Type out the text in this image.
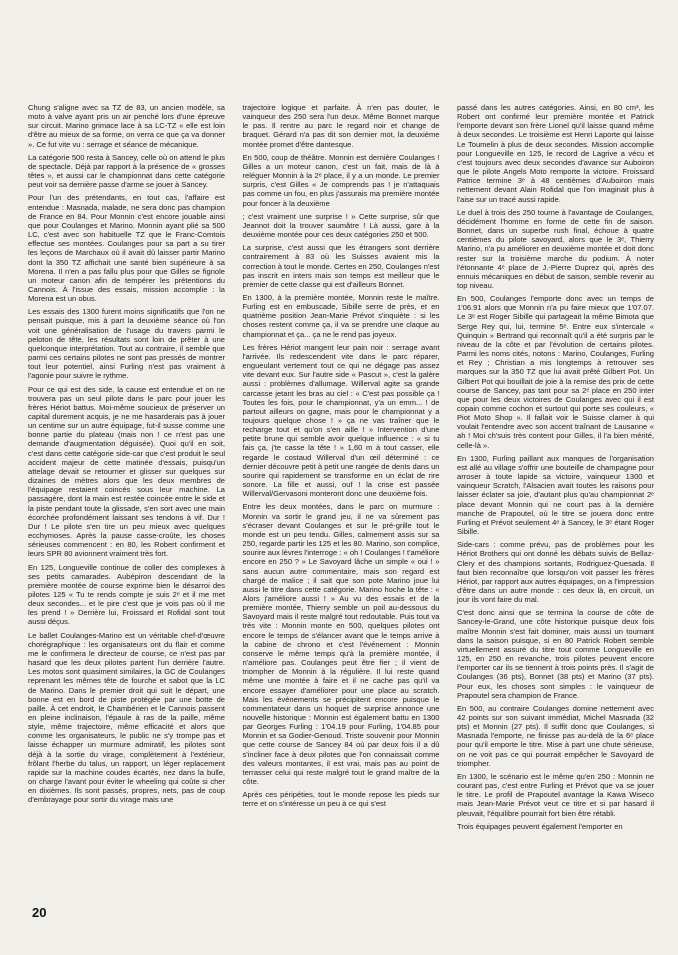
Chung s'aligne avec sa TZ de 83, un ancien modèle, sa moto à valve ayant pris un air penché lors d'une épreuve sur circuit. Marino grimace lace à sa LC-TZ « elle est loin d'être au mieux de sa forme, on verra ce que ça va donner ». Ce fut vite vu : serrage et séance de mécanique.

La catégorie 500 resta à Sancey, celle où on attend le plus de spectacle. Déjà par rapport à la présence de « grosses têtes », et aussi car le championnat dans cette catégorie peut voir sa dernière passe d'arme se jouer à Sancey.

Pour l'un des prétendants, en tout cas, l'affaire est entendue : Masnada, malade, ne sera donc pas champion de France en 84. Pour Monnin c'est encore jouable ainsi que pour Coulanges et Marino. Monnin ayant plié sa 500 LC, c'est avec son habituelle TZ que le Franc-Comtois effectue ses montées. Coulanges pour sa part a su tirer les leçons de Marchaux où il avait dû laisser partir Marino dont la 350 TZ affichait une santé bien supérieure à sa Morena. Il n'en a pas fallu plus pour que Gilles se fignole un moteur canon afin de tempérer les prétentions du Cannois. À l'issue des essais, mission accomplie : la Morena est un obus.

Les essais des 1300 furent moins significatifs que l'on ne pensait puisque, mis à part la deuxième séance où l'on voit une généralisation de l'usage du travers parmi le peloton de tête, les résultats sont loin de prêter à une quelconque interprétation. Tout au contraire, il semble que parmi ces certains pilotes ne sont pas pressés de montrer tout leur potentiel, ainsi Furling n'est pas vraiment à l'agonie pour suivre le rythme.

Pour ce qui est des side, la cause est entendue et on ne trouvera pas un seul pilote dans le parc pour jouer les frères Hériot battus. Moi-même soucieux de préserver un capital durement acquis, je ne me hasarderais pas à jouer un centime sur un autre équipage, fut-il susse comme une bonne partie du plateau (mais non ! ce n'est pas une demande d'augmentation déguisée). Quoi qu'il en soit, c'est dans cette catégorie side-car que c'est produit le seul accident majeur de cette matinée d'essais, puisqu'un attelage devait se retourner et glisser sur quelques sur dizaines de mètres alors que les deux membres de l'équipage restaient coincés sous leur machine. La passagère, dont la main est restée coincée entre le side et la piste pendant toute la glissade, s'en sort avec une main écorchée profondément laissant ses tendons à vif. Dur ! Dur ! Le pilote s'en tire un peu mieux avec quelques ecchymoses. Après la pause casse-croûte, les choses sérieuses commencent : en 80, les Robert confirment et leurs SPR 80 avionnent vraiment très fort.

En 125, Longueville continue de coller des complexes à ses petits camarades. Aubépiron descendant de la première montée de course exprime bien le désarroi des pilotes 125 « Tu te rends compte je suis 2ᵉ et il me met deux secondes... et le pire c'est que je vois pas où il me les prend ! » Derrière lui, Froissard et Rofidal sont tout aussi déçus.

Le ballet Coulanges-Marino est un véritable chef-d'œuvre chorégraphique : les organisateurs ont du flair et comme me le confirmera le directeur de course, ce n'est pas par hasard que les deux pilotes partent l'un derrière l'autre. Les motos sont quasiment similaires, la GC de Coulanges reprenant les mêmes tête de fourche et sabot que la LC de Marino. Dans le premier droit qui suit le départ, une bonne est en bord de piste protégée par une botte de paille. À cet endroit, le Chambérien et le Cannois passent en pleine inclinaison, l'épaule à ras de la paille, même style, même trajectoire, même efficacité et alors que comme les organisateurs, le public ne s'y trompe pas et laisse échapper un murmure admiratif, les pilotes sont déjà à la sortie du virage, complètement à l'extérieur, frôlant l'herbe du talus, un rapport, un léger replacement rapide sur la machine coudes écartés, nez dans la bulle, on charge l'avant pour éviter le wheeling qui coûte si cher en dixièmes. Ils sont passés, propres, nets, pas de coup d'embrayage pour sortir du virage mais une

trajectoire logique et parfaite. À n'en pas douter, le vainqueur des 250 sera l'un deux. Même Bonnet marque le pas. Il rentre au parc le regard noir et change de braquet. Gérard n'a pas dit son dernier mot, la deuxième montée promet d'être dantesque.

En 500, coup de théâtre. Monnin est dernière Coulanges ! Gilles a un moteur canon, c'est un fait, mais de là à reléguer Monnin à la 2ᵉ place, il y a un monde. Le premier surpris, c'est Gilles « Je comprends pas ! je n'attaquais pas comme un fou, en plus j'assurais ma première montée pour foncer à la deuxième

; c'est vraiment une surprise ! » Cette surprise, sûr que Jeannot doit la trouver saumâtre ! Là aussi, gare à la deuxième montée pour ces deux catégories 250 et 500.

La surprise, c'est aussi que les étrangers sont derrière contrairement à 83 où les Suisses avaient mis la correction à tout le monde. Certes en 250, Coulanges n'est pas inscrit en inters mais son temps est meilleur que le premier de cette classe qui est d'ailleurs Bonnet.

En 1300, à la première montée, Monnin reste le maître. Furling est en embuscade, Sibille serre de près, et en quatrième position Jean-Marie Prévot s'inquiète : si les choses restent comme ça, il va se prendre une claque au championnat et ça... ça ne le rend pas joyeux.

Les frères Hériot mangent leur pain noir : serrage avant l'arrivée. Ils redescendent vite dans le parc réparer, engueulant vertement tout ce qui ne dégage pas assez vite devant eux. Sur l'autre side « Pascut », c'est la galère aussi : problèmes d'allumage. Willerval agite sa grande carcasse jetant les bras au ciel : « C'est pas possible ça ! Toutes les fois, pour le championnat, y'a un emm... ! de partout ailleurs on gagne, mais pour le championnat y a toujours quelque chose ! » ça ne vas traîner que le recharge tout et qu'on s'en aille ! » Intervention d'une petite brune qui semble avoir quelque influence : « si tu fais ça, j'te casse la tête ! » 1,60 m à tout casser, elle regarde le costaud Willerval d'un œil déterminé : ce dernier découvre petit à petit une rangée de dents dans un sourire qui rapidement se transforme en un éclat de rire sonore. La fille et aussi, ouf ! la crise est passée Willerval/Gervasoni monteront donc une deuxième fois.

Entre les deux montées, dans le parc on murmure : Monnin va sortir le grand jeu, il ne va sûrement pas s'écraser devant Coulanges et sur le pré-grille tout le monde est un peu tendu. Gilles, calmement assis sur sa 250, regarde partir les 125 et les 80. Marino, son complice, sourire aux lèvres l'interroge : « oh ! Coulanges ! t'améliore encore en 250 ? » Le Savoyard lâche un simple « oui ! » sans aucun autre commentaire, mais son regard est chargé de malice ; il sait que son pote Marino joue lui aussi le titre dans cette catégorie. Marino hoche la tête : « Alors j'améliore aussi ! » Au vu des essais et de la première montée, Thierry semble un poil au-dessous du Savoyard mais il reste malgré tout redoutable. Puis tout va très vite : Monnin monte en 500, quelques pilotes ont encore le temps de s'élancer avant que le temps arrive à la cabine de chrono et c'est l'événement : Monnin conserve le même temps qu'à la première montée, il n'améliore pas. Coulanges peut être fier ; il vient de triompher de Monnin à la régulière. Il lui reste quand même une montée à faire et il ne cache pas qu'il va encore essayer d'améliorer pour une place au scratch. Mais les événements se précipitent encore puisque le commentateur dans un hoquet de surprise annonce une nouvelle historique : Monnin est également battu en 1300 par Georges Furling : 1'04.19 pour Furling, 1'04.85 pour Monnin et sa Godier-Genoud. Triste souvenir pour Monnin que cette course de Sancey 84 où par deux fois il a dû s'incliner face à deux pilotes que l'on connaissait comme des valeurs montantes, il est vrai, mais pas au point de terrasser celui qui reste malgré tout le grand maître de la côte.

Après ces péripéties, tout le monde repose les pieds sur terre et on s'intéresse un peu à ce qui s'est

passé dans les autres catégories. Ainsi, en 80 cm³, les Robert ont confirmé leur première montée et Patrick l'emporte devant son frère Lionel qu'il laisse quand même à deux secondes. Le troisième est Henri Laporte qui laisse Le Toumelin à plus de deux secondes. Mission accomplie pour Longueville en 125, le record de Lagrive a vécu et c'est toujours avec deux secondes d'avance sur Auboiron que le pilote Angels Moto remporte la victoire. Froissard Patrice termine 3ᵉ à 48 centièmes d'Auboiron mais nettement devant Alain Rofidal que l'on imaginait plus à l'aise sur un tracé aussi rapide.

Le duel à trois des 250 tourne à l'avantage de Coulanges, décidément l'homme en forme de cette fin de saison. Bonnet, dans un superbe rush final, échoue à quatre centièmes du pilote savoyard, alors que le 3ᵉ, Thierry Marino, n'a pu améliorer en deuxième montée et doit donc rester sur la troisième marche du podium. À noter l'étonnante 4ᵉ place de J.-Pierre Duprez qui, après des ennuis mécaniques en début de saison, semble revenir au top niveau.

En 500, Coulanges l'emporte donc avec un temps de 1'06.91 alors que Monnin n'a pu faire mieux que 1'07.07. Le 3ᵉ est Roger Sibille qui partageait la même Bimota que Serge Rey qui, lui, termine 5ᵉ. Entre eux s'intercale « Quinquin » Bertrand qui reconnaît qu'il a été surpris par le niveau de la côte et par l'évolution de certains pilotes. Parmi les noms cités, notons : Marino, Coulanges, Furling et Rey ; Christian a mis longtemps à retrouver ses marques sur la 350 TZ que lui avait prêté Gilbert Pot. Un Gilbert Pot qui bouillait de joie à la remise des prix de cette course de Sancey, pas tant pour sa 2ᵉ place en 250 inter que pour les deux victoires de Coulanges avec qui il est copain comme cochon et surtout qui porte ses couleurs, « Piot Moto Shop ». Il fallait voir le Suisse clamer à qui voulait l'entendre avec son accent traînant de Lausanne « ah ! Moi ch'suis très content pour Gilles, il l'a bien mérité, celle-là ».

En 1300, Furling paillant aux manques de l'organisation est allé au village s'offrir une bouteille de champagne pour arroser à toute lapide sa victoire, vainqueur 1300 et vainqueur Scratch, l'Alsacien avait toutes les raisons pour laisser éclater sa joie, d'autant plus qu'au championnat 2ᵉ place devant Monnin qui ne court pas à la dernière manche de Prapoutel, où le titre se jouera donc entre Furling et Prévot seulement 4ᵉ à Sancey, le 3ᵉ étant Roger Sibille.

Side-cars : comme prévu, pas de problèmes pour les Hériot Brothers qui ont donné les débats suivis de Bellaz-Clery et des champions sortants, Rodriguez-Quesada. Il faut bien reconnaître que lorsqu'on voit passer les frères Hériot, par rapport aux autres équipages, on a l'impression d'être dans un autre monde : ces deux là, en circuit, un jour ils vont faire du mal.

C'est donc ainsi que se termina la course de côte de Sancey-le-Grand, une côte historique puisque deux fois maître Monnin s'est fait dominer, mais aussi un tournant dans la saison puisque, si en 80 Patrick Robert semble virtuellement assuré du titre tout comme Longueville en 125, en 250 en revanche, trois pilotes peuvent encore l'emporter car ils se tiennent à trois points près. Il s'agit de Coulanges (36 pts), Bonnet (38 pts) et Marino (37 pts). Pour eux, les choses sont simples : le vainqueur de Prapoutel sera champion de France.

En 500, au contraire Coulanges domine nettement avec 42 points sur son suivant immédiat, Michel Masnada (32 pts) et Monnin (27 pts). Il suffit donc que Coulanges, si Masnada l'emporte, ne finisse pas au-delà de la 6ᵉ place pour qu'il emporte le titre. Mise à part une chute sérieuse, on ne voit pas ce qui pourrait empêcher le Savoyard de triompher.

En 1300, le scénario est le même qu'en 250 : Monnin ne courant pas, c'est entre Furling et Prévot que va se jouer le titre. Le profil de Prapoutel avantage la Kawa Wiseco mais Jean-Marie Prévot veut ce titre et si par hasard il pleuvait, l'équilibre pourrait fort bien être rétabli.

Trois équipages peuvent également l'emporter en

20
